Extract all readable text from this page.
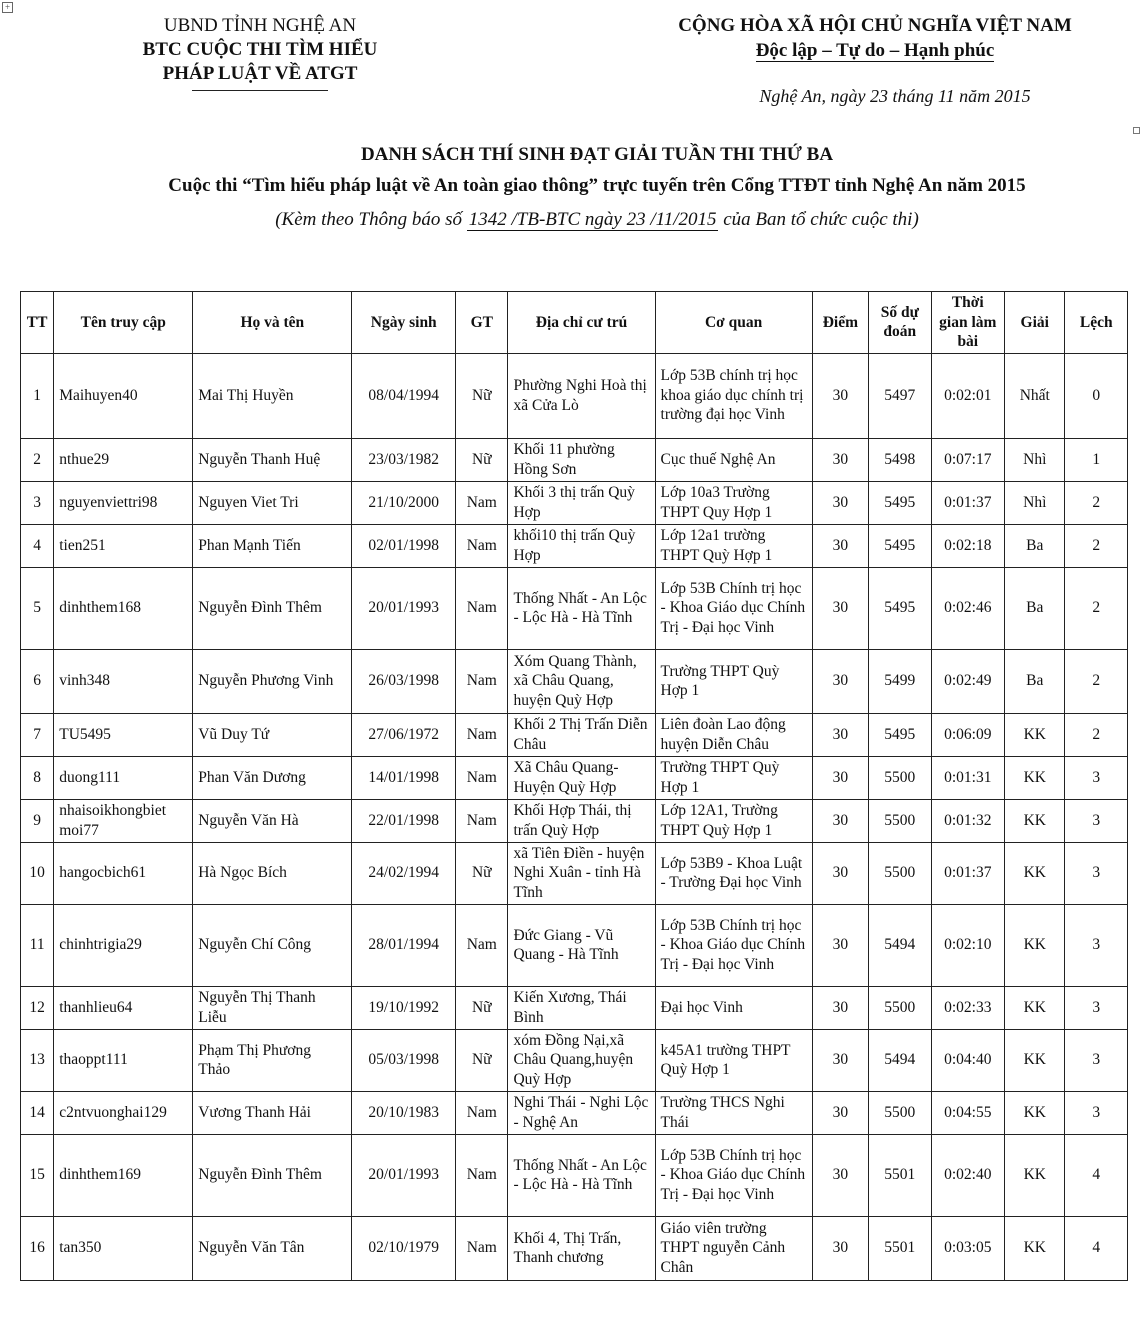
+
UBND TỈNH NGHỆ AN
BTC CUỘC THI TÌM HIỂU
PHÁP LUẬT VỀ ATGT
CỘNG HÒA XÃ HỘI CHỦ NGHĨA VIỆT NAM
Độc lập – Tự do – Hạnh phúc
Nghệ An, ngày 23 tháng 11 năm 2015
DANH SÁCH THÍ SINH ĐẠT GIẢI TUẦN THI THỨ BA
Cuộc thi “Tìm hiểu pháp luật về An toàn giao thông” trực tuyến trên Cổng TTĐT tỉnh Nghệ An năm 2015
(Kèm theo Thông báo số 1342 /TB-BTC ngày 23 /11/2015 của Ban tổ chức cuộc thi)
TT	Tên truy cập	Họ và tên	Ngày sinh	GT	Địa chỉ cư trú	Cơ quan	Điểm	Số dự đoán	Thời gian làm bài	Giải	Lệch
1	Maihuyen40	Mai Thị Huyền	08/04/1994	Nữ	Phường Nghi Hoà thị xã Cửa Lò	Lớp 53B chính trị học khoa giáo dục chính trị trường đại học Vinh	30	5497	0:02:01	Nhất	0
2	nthue29	Nguyễn Thanh Huệ	23/03/1982	Nữ	Khối 11 phường Hồng Sơn	Cục thuế Nghệ An	30	5498	0:07:17	Nhì	1
3	nguyenviettri98	Nguyen Viet Tri	21/10/2000	Nam	Khối 3 thị trấn Quỳ Hợp	Lớp 10a3 Trường THPT Quy Hợp 1	30	5495	0:01:37	Nhì	2
4	tien251	Phan Mạnh Tiến	02/01/1998	Nam	khối10 thị trấn Quỳ Hợp	Lớp 12a1 trường THPT Quỳ Hợp 1	30	5495	0:02:18	Ba	2
5	dinhthem168	Nguyễn Đình Thêm	20/01/1993	Nam	Thống Nhất - An Lộc - Lộc Hà - Hà Tĩnh	Lớp 53B Chính trị học - Khoa Giáo dục Chính Trị - Đại học Vinh	30	5495	0:02:46	Ba	2
6	vinh348	Nguyễn Phương Vinh	26/03/1998	Nam	Xóm Quang Thành, xã Châu Quang, huyện Quỳ Hợp	Trường THPT Quỳ Hợp 1	30	5499	0:02:49	Ba	2
7	TU5495	Vũ Duy Tứ	27/06/1972	Nam	Khối 2 Thị Trấn Diễn Châu	Liên đoàn Lao động huyện Diễn Châu	30	5495	0:06:09	KK	2
8	duong111	Phan Văn Dương	14/01/1998	Nam	Xã Châu Quang- Huyện Quỳ Hợp	Trường THPT Quỳ Hợp 1	30	5500	0:01:31	KK	3
9	nhaisoikhongbiet moi77	Nguyễn Văn Hà	22/01/1998	Nam	Khối Hợp Thái, thị trấn Quỳ Hợp	Lớp 12A1, Trường THPT Quỳ Hợp 1	30	5500	0:01:32	KK	3
10	hangocbich61	Hà Ngọc Bích	24/02/1994	Nữ	xã Tiên Điền - huyện Nghi Xuân - tỉnh Hà Tĩnh	Lớp 53B9 - Khoa Luật - Trường Đại học Vinh	30	5500	0:01:37	KK	3
11	chinhtrigia29	Nguyễn Chí Công	28/01/1994	Nam	Đức Giang - Vũ Quang - Hà Tĩnh	Lớp 53B Chính trị học - Khoa Giáo dục Chính Trị - Đại học Vinh	30	5494	0:02:10	KK	3
12	thanhlieu64	Nguyễn Thị Thanh Liễu	19/10/1992	Nữ	Kiến Xương, Thái Bình	Đại học Vinh	30	5500	0:02:33	KK	3
13	thaoppt111	Phạm Thị Phương Thảo	05/03/1998	Nữ	xóm Đồng Nại,xã Châu Quang,huyện Quỳ Hợp	k45A1 trường THPT Quỳ Hợp 1	30	5494	0:04:40	KK	3
14	c2ntvuonghai129	Vương Thanh Hải	20/10/1983	Nam	Nghi Thái - Nghi Lộc - Nghệ An	Trường THCS Nghi Thái	30	5500	0:04:55	KK	3
15	dinhthem169	Nguyễn Đình Thêm	20/01/1993	Nam	Thống Nhất - An Lộc - Lộc Hà - Hà Tĩnh	Lớp 53B Chính trị học - Khoa Giáo dục Chính Trị - Đại học Vinh	30	5501	0:02:40	KK	4
16	tan350	Nguyễn Văn Tân	02/10/1979	Nam	Khối 4, Thị Trấn, Thanh chương	Giáo viên trường THPT nguyễn Cảnh Chân	30	5501	0:03:05	KK	4
